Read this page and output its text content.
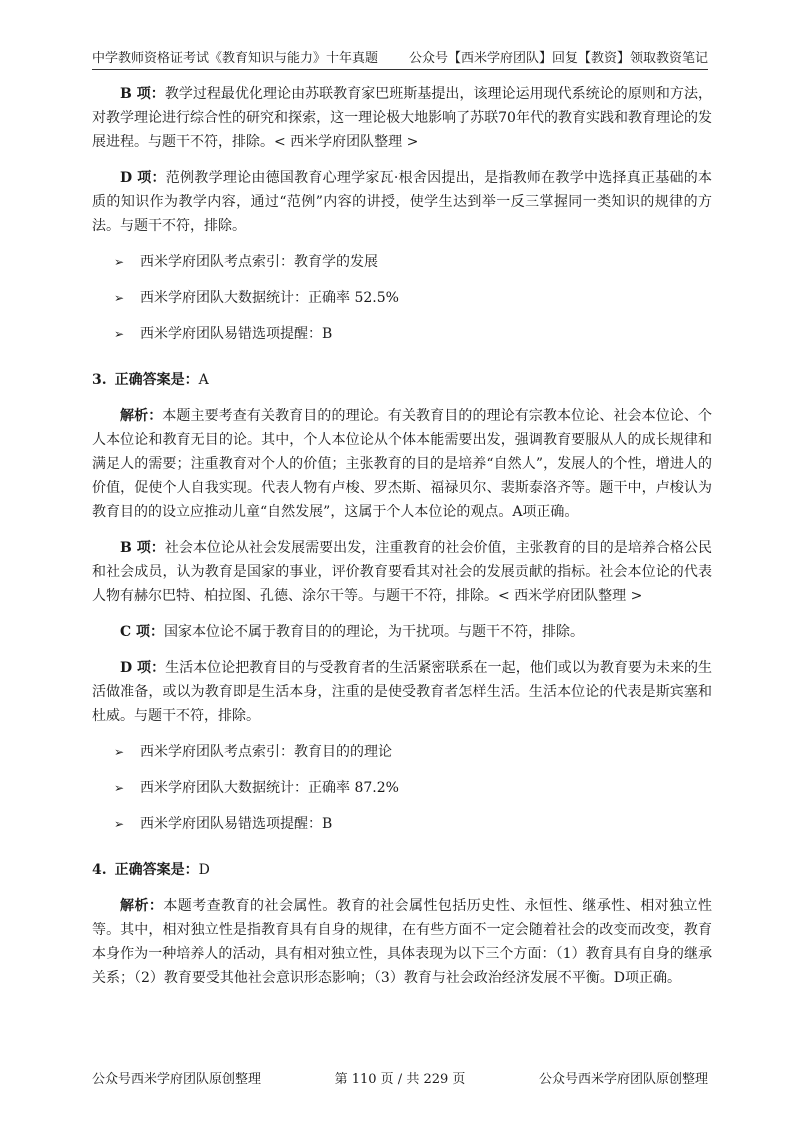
中学教师资格证考试《教育知识与能力》十年真题 公众号【西米学府团队】回复【教资】领取教资笔记

B 项：教学过程最优化理论由苏联教育家巴班斯基提出，该理论运用现代系统论的原则和方法，对教学理论进行综合性的研究和探索，这一理论极大地影响了苏联70年代的教育实践和教育理论的发展进程。与题干不符，排除。< 西米学府团队整理 >

D 项：范例教学理论由德国教育心理学家瓦·根舍因提出，是指教师在教学中选择真正基础的本质的知识作为教学内容，通过“范例”内容的讲授，使学生达到举一反三掌握同一类知识的规律的方法。与题干不符，排除。

➢	西米学府团队考点索引：教育学的发展
➢	西米学府团队大数据统计：正确率 52.5%
➢	西米学府团队易错选项提醒：B
3. 正确答案是：A

解析：本题主要考查有关教育目的的理论。有关教育目的的理论有宗教本位论、社会本位论、个人本位论和教育无目的论。其中，个人本位论从个体本能需要出发，强调教育要服从人的成长规律和满足人的需要；注重教育对个人的价值；主张教育的目的是培养“自然人”，发展人的个性，增进人的价值，促使个人自我实现。代表人物有卢梭、罗杰斯、福禄贝尔、裴斯泰洛齐等。题干中，卢梭认为教育目的的设立应推动儿童“自然发展”，这属于个人本位论的观点。A项正确。

B 项：社会本位论从社会发展需要出发，注重教育的社会价值，主张教育的目的是培养合格公民和社会成员，认为教育是国家的事业，评价教育要看其对社会的发展贡献的指标。社会本位论的代表人物有赫尔巴特、柏拉图、孔德、涂尔干等。与题干不符，排除。< 西米学府团队整理 >

C 项：国家本位论不属于教育目的的理论，为干扰项。与题干不符，排除。

D 项：生活本位论把教育目的与受教育者的生活紧密联系在一起，他们或以为教育要为未来的生活做准备，或以为教育即是生活本身，注重的是使受教育者怎样生活。生活本位论的代表是斯宾塞和杜威。与题干不符，排除。

➢	西米学府团队考点索引：教育目的的理论
➢	西米学府团队大数据统计：正确率 87.2%
➢	西米学府团队易错选项提醒：B
4. 正确答案是：D

解析：本题考查教育的社会属性。教育的社会属性包括历史性、永恒性、继承性、相对独立性等。其中，相对独立性是指教育具有自身的规律，在有些方面不一定会随着社会的改变而改变，教育本身作为一种培养人的活动，具有相对独立性，具体表现为以下三个方面：（1）教育具有自身的继承关系；（2）教育要受其他社会意识形态影响；（3）教育与社会政治经济发展不平衡。D项正确。

公众号西米学府团队原创整理	第 110 页 / 共 229 页	公众号西米学府团队原创整理
